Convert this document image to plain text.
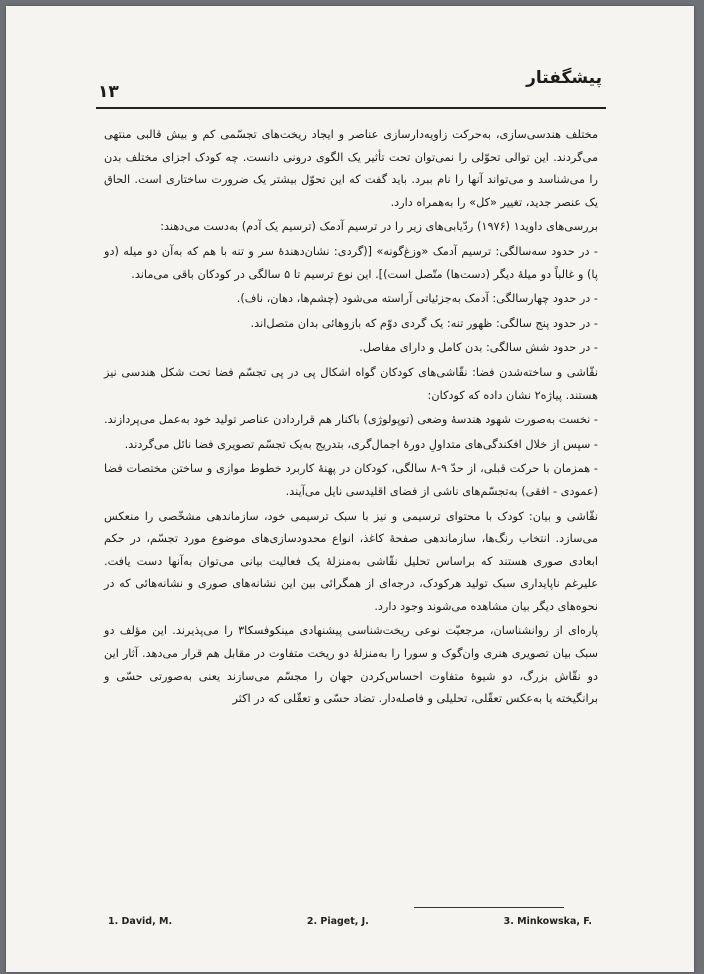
پیشگفتار
۱۳

مختلف هندسی‌سازی، به‌حرکت زاویه‌دارسازی عناصر و ایجاد ریخت‌های تجسّمی کم و بیش قالبی منتهی می‌گردند. این توالی تحوّلی را نمی‌توان تحت تأثیر یک الگوی درونی دانست. چه کودک اجزای مختلف بدن را می‌شناسد و می‌تواند آنها را نام ببرد. باید گفت که این تحوّل بیشتر یک ضرورت ساختاری است. الحاق یک عنصر جدید، تغییر «کل» را به‌همراه دارد.

بررسی‌های داوید۱ (۱۹۷۶) ردّیابی‌های زیر را در ترسیم آدمک (ترسیم یک آدم) به‌دست می‌دهند:

- در حدود سه‌سالگی: ترسیم آدمک «وزغ‌گونه» [(گردی: نشان‌دهندهٔ سر و تنه با هم که به‌آن دو میله (دو پا) و غالباً دو میلهٔ دیگر (دست‌ها) متّصل است)]. این نوع ترسیم تا ۵ سالگی در کودکان باقی می‌ماند.

- در حدود چهارسالگی: آدمک به‌جزئیاتی آراسته می‌شود (چشم‌ها، دهان، ناف).

- در حدود پنج سالگی: ظهور تنه: یک گردی دوّم که بازوهائی بدان متصل‌اند.

- در حدود شش سالگی: بدن کامل و دارای مفاصل.

نقّاشی و ساخته‌شدن فضا: نقّاشی‌های کودکان گواه اشکال پی در پی تجسّم فضا تحت شکل هندسی نیز هستند. پیاژه۲ نشان داده که کودکان:

- نخست به‌صورت شهود هندسهٔ وضعی (توپولوژی) باکنار هم قراردادن عناصر تولید خود به‌عمل می‌پردازند.

- سپس از خلال افکندگی‌های متداولِ دورهٔ اجمال‌گری، بتدریج به‌یک تجسّم تصویری فضا نائل می‌گردند.

- همزمان با حرکت قبلی، از حدّ ۹-۸ سالگی، کودکان در پهنهٔ کاربرد خطوط موازی و ساختن مختصات فضا (عمودی - افقی) به‌تجسّم‌های ناشی از فضای اقلیدسی نایل می‌آیند.

نقّاشی و بیان: کودک با محتوای ترسیمی و نیز با سبک ترسیمی خود، سازماندهی مشخّصی را منعکس می‌سازد. انتخاب رنگ‌ها، سازماندهی صفحهٔ کاغذ، انواع محدودسازی‌های موضوع مورد تجسّم، در حکم ابعادی صوری هستند که براساس تحلیل نقّاشی به‌منزلهٔ یک فعالیت بیانی می‌توان به‌آنها دست یافت. علیرغم ناپایداری سبک تولید هرکودک، درجه‌ای از همگرائی بین این نشانه‌های صوری و نشانه‌هائی که در نحوه‌های دیگر بیان مشاهده می‌شوند وجود دارد.

پاره‌ای از روانشناسان، مرجعیّت نوعی ریخت‌شناسی پیشنهادی مینکوفسکا۳ را می‌پذیرند. این مؤلف دو سبک بیان تصویری هنری وان‌گوک و سورا را به‌منزلهٔ دو ریخت متفاوت در مقابل هم قرار می‌دهد. آثار این دو نقّاش بزرگ، دو شیوهٔ متفاوت احساس‌کردن جهان را مجسّم می‌سازند یعنی به‌صورتی حسّی و برانگیخته یا به‌عکس تعقّلی، تحلیلی و فاصله‌دار. تضاد حسّی و تعقّلی که در اکثر

1. David, M.	2. Piaget, J.	3. Minkowska, F.
